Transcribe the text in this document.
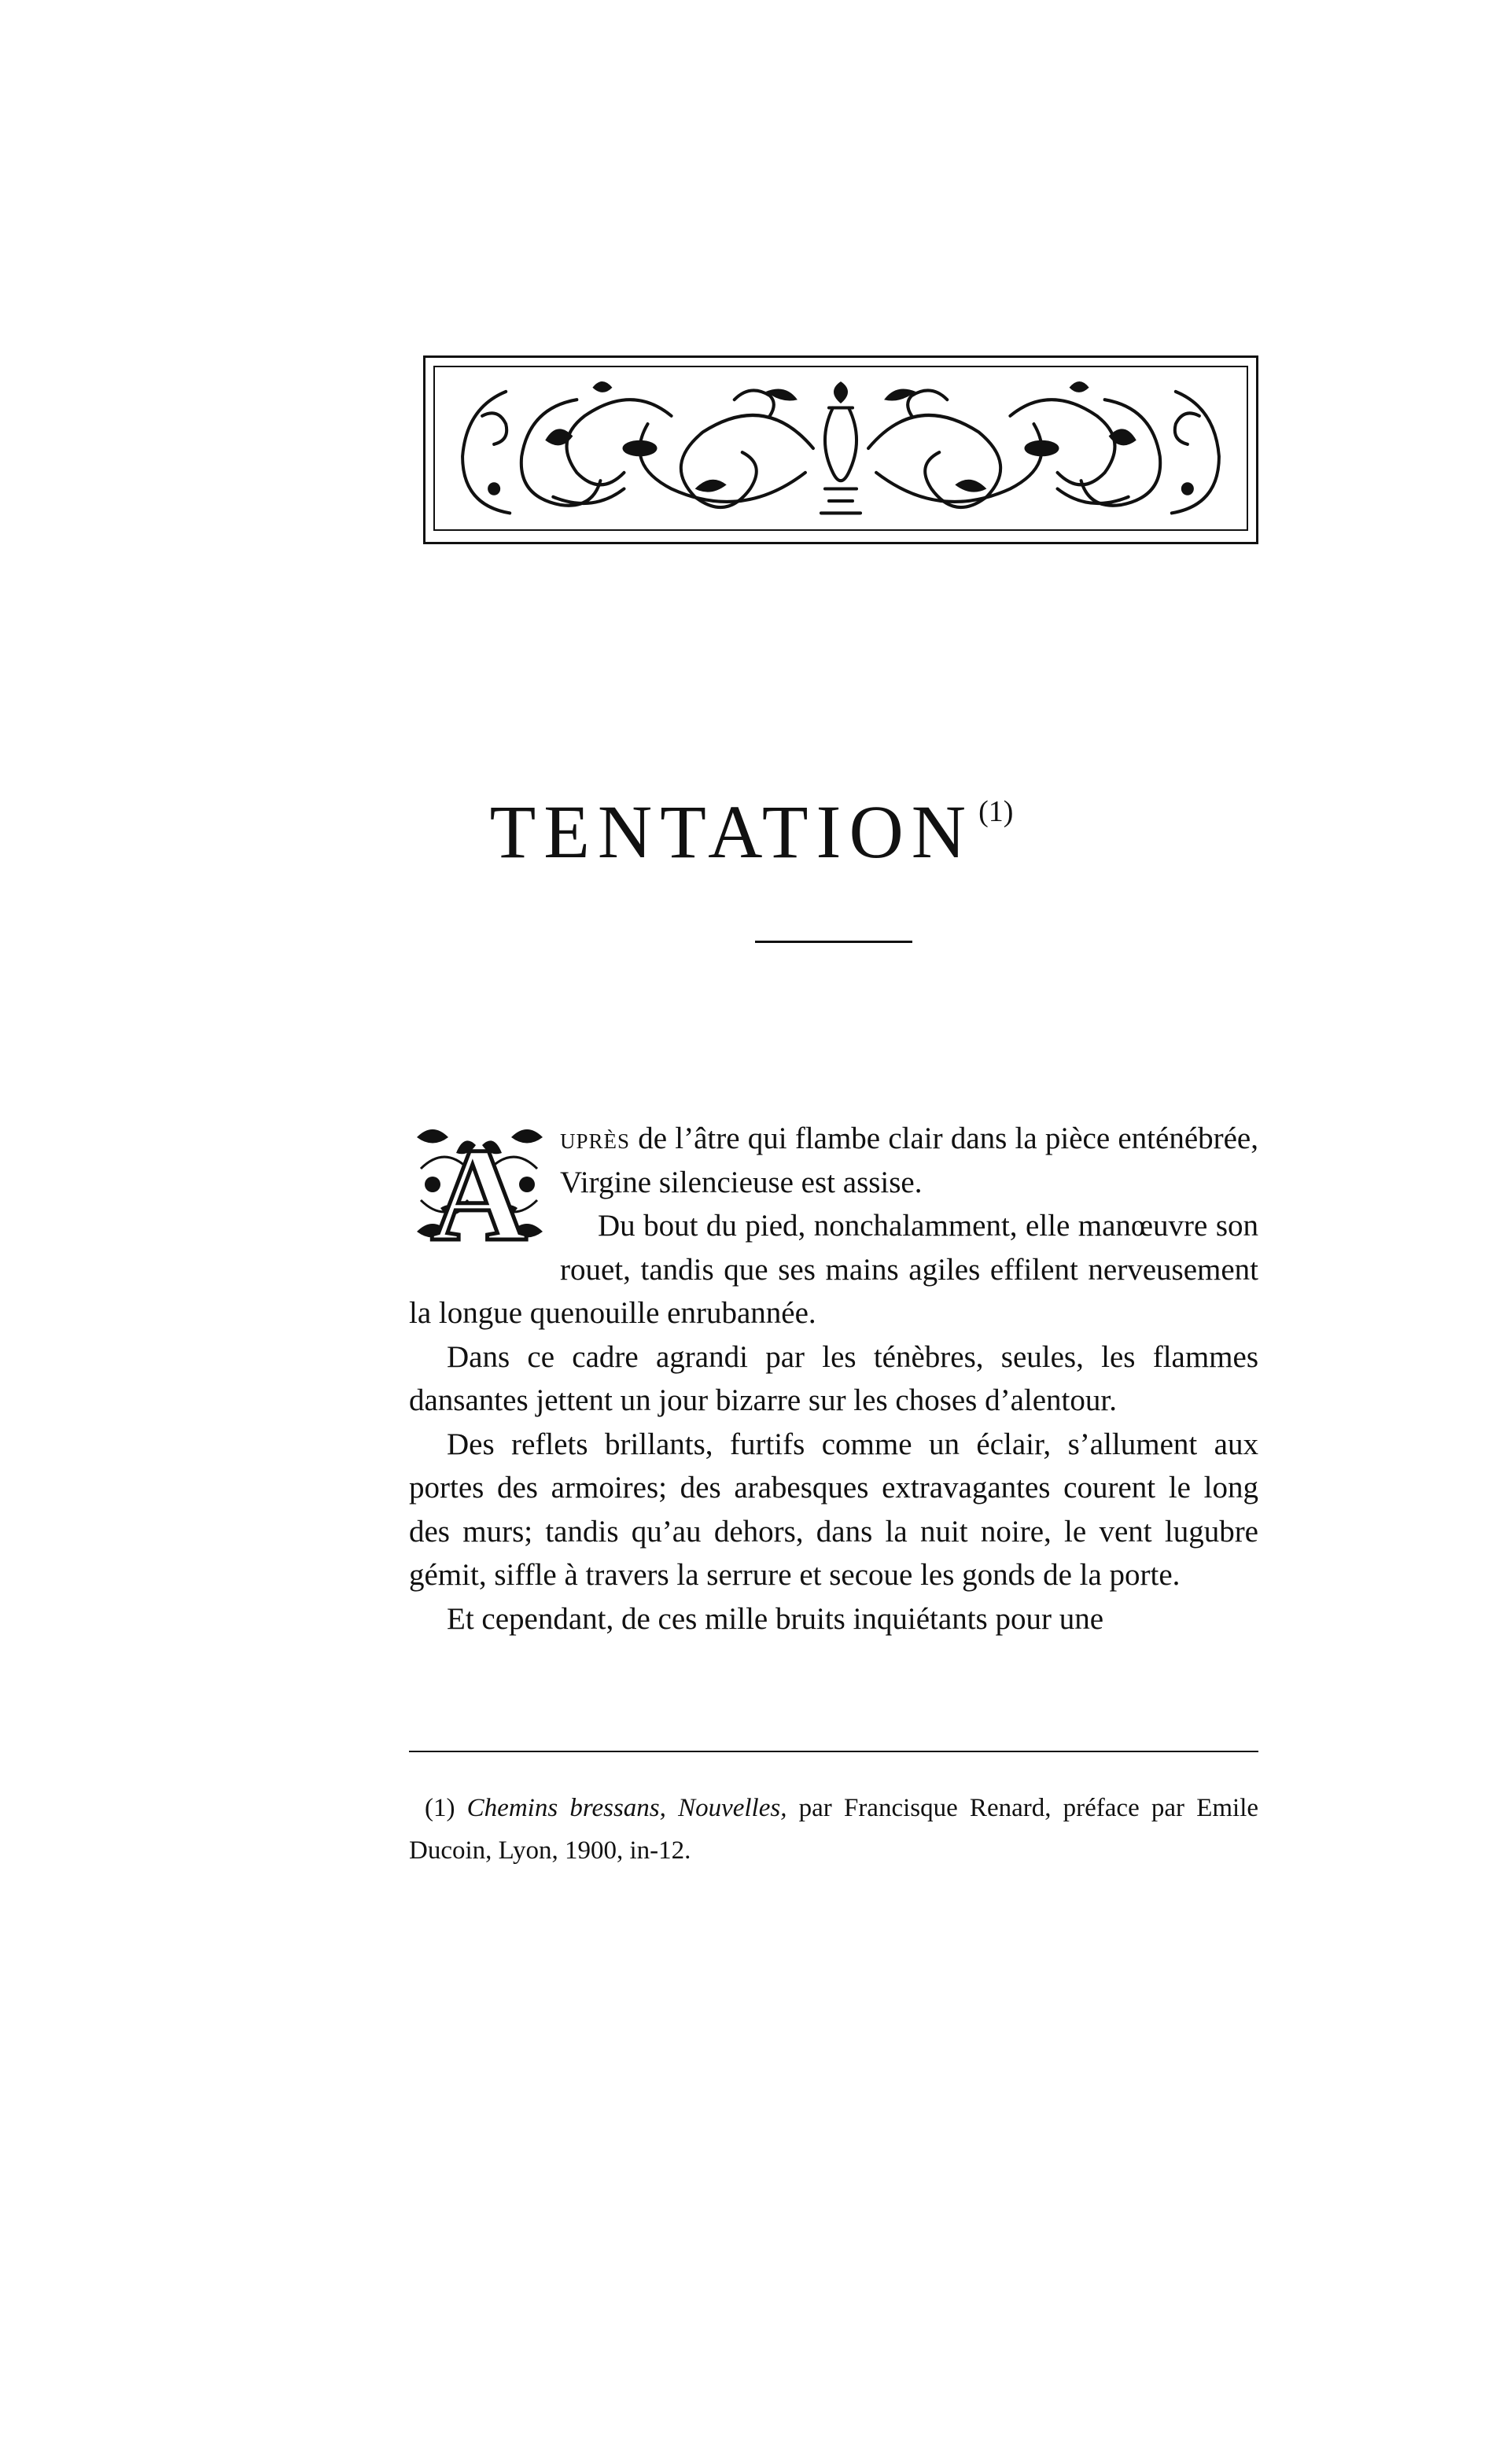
TENTATION $^{(1)}$

A uprès de l’âtre qui flambe clair dans la pièce enténébrée, Virgine silencieuse est assise.

Du bout du pied, nonchalamment, elle manœuvre son rouet, tandis que ses mains agiles effilent nerveusement la longue quenouille enrubannée.

Dans ce cadre agrandi par les ténèbres, seules, les flammes dansantes jettent un jour bizarre sur les choses d’alentour.

Des reflets brillants, furtifs comme un éclair, s’allument aux portes des armoires; des arabesques extravagantes courent le long des murs; tandis qu’au dehors, dans la nuit noire, le vent lugubre gémit, siffle à travers la serrure et secoue les gonds de la porte.

Et cependant, de ces mille bruits inquiétants pour une

(1) Chemins bressans, Nouvelles, par Francisque Renard, préface par Emile Ducoin, Lyon, 1900, in-12.
